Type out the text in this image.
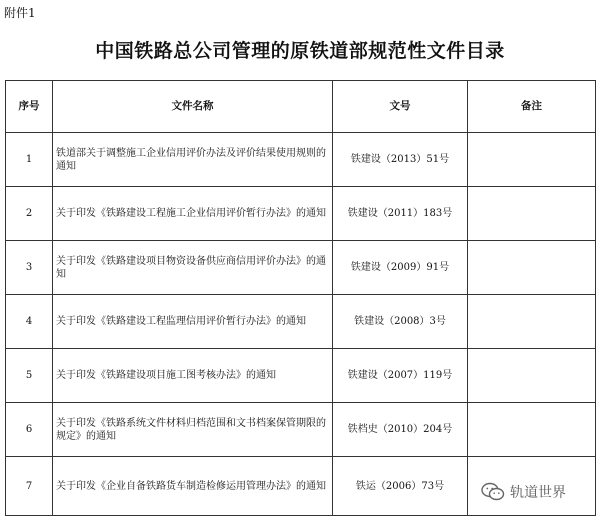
附件1
中国铁路总公司管理的原铁道部规范性文件目录
序号	文件名称	文号	备注
1	铁道部关于调整施工企业信用评价办法及评价结果使用规则的通知	铁建设（2013）51号	
2	关于印发《铁路建设工程施工企业信用评价暂行办法》的通知	铁建设（2011）183号	
3	关于印发《铁路建设项目物资设备供应商信用评价办法》的通知	铁建设（2009）91号	
4	关于印发《铁路建设工程监理信用评价暂行办法》的通知	铁建设（2008）3号	
5	关于印发《铁路建设项目施工图考核办法》的通知	铁建设（2007）119号	
6	关于印发《铁路系统文件材料归档范围和文书档案保管期限的规定》的通知	铁档史（2010）204号	
7	关于印发《企业自备铁路货车制造检修运用管理办法》的通知	铁运（2006）73号		轨道世界
